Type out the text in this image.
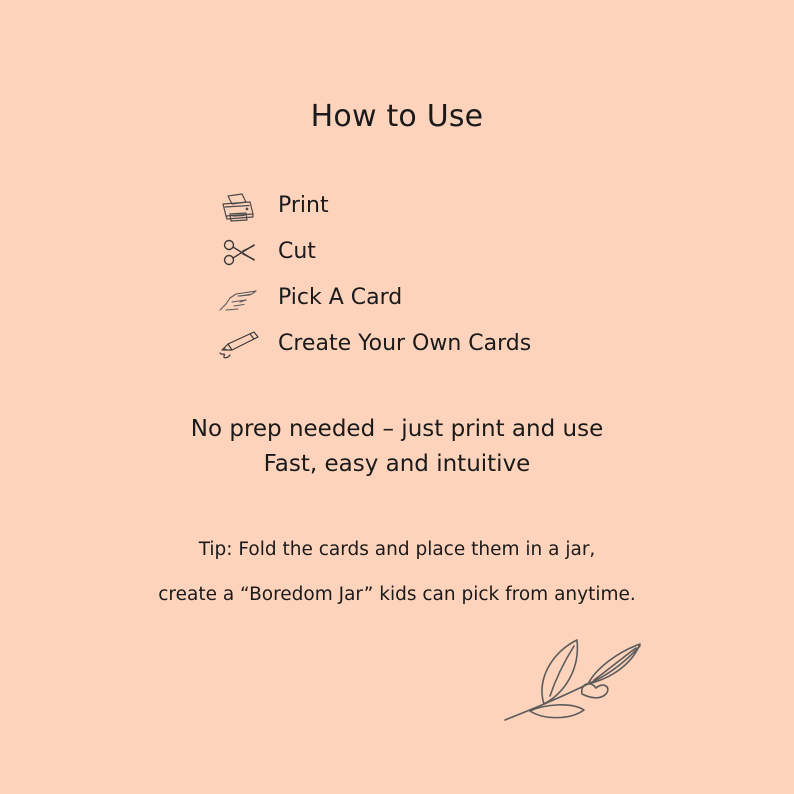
How to Use
Print
Cut
Pick A Card
Create Your Own Cards
No prep needed – just print and use
Fast, easy and intuitive
Tip: Fold the cards and place them in a jar,
create a “Boredom Jar” kids can pick from anytime.
